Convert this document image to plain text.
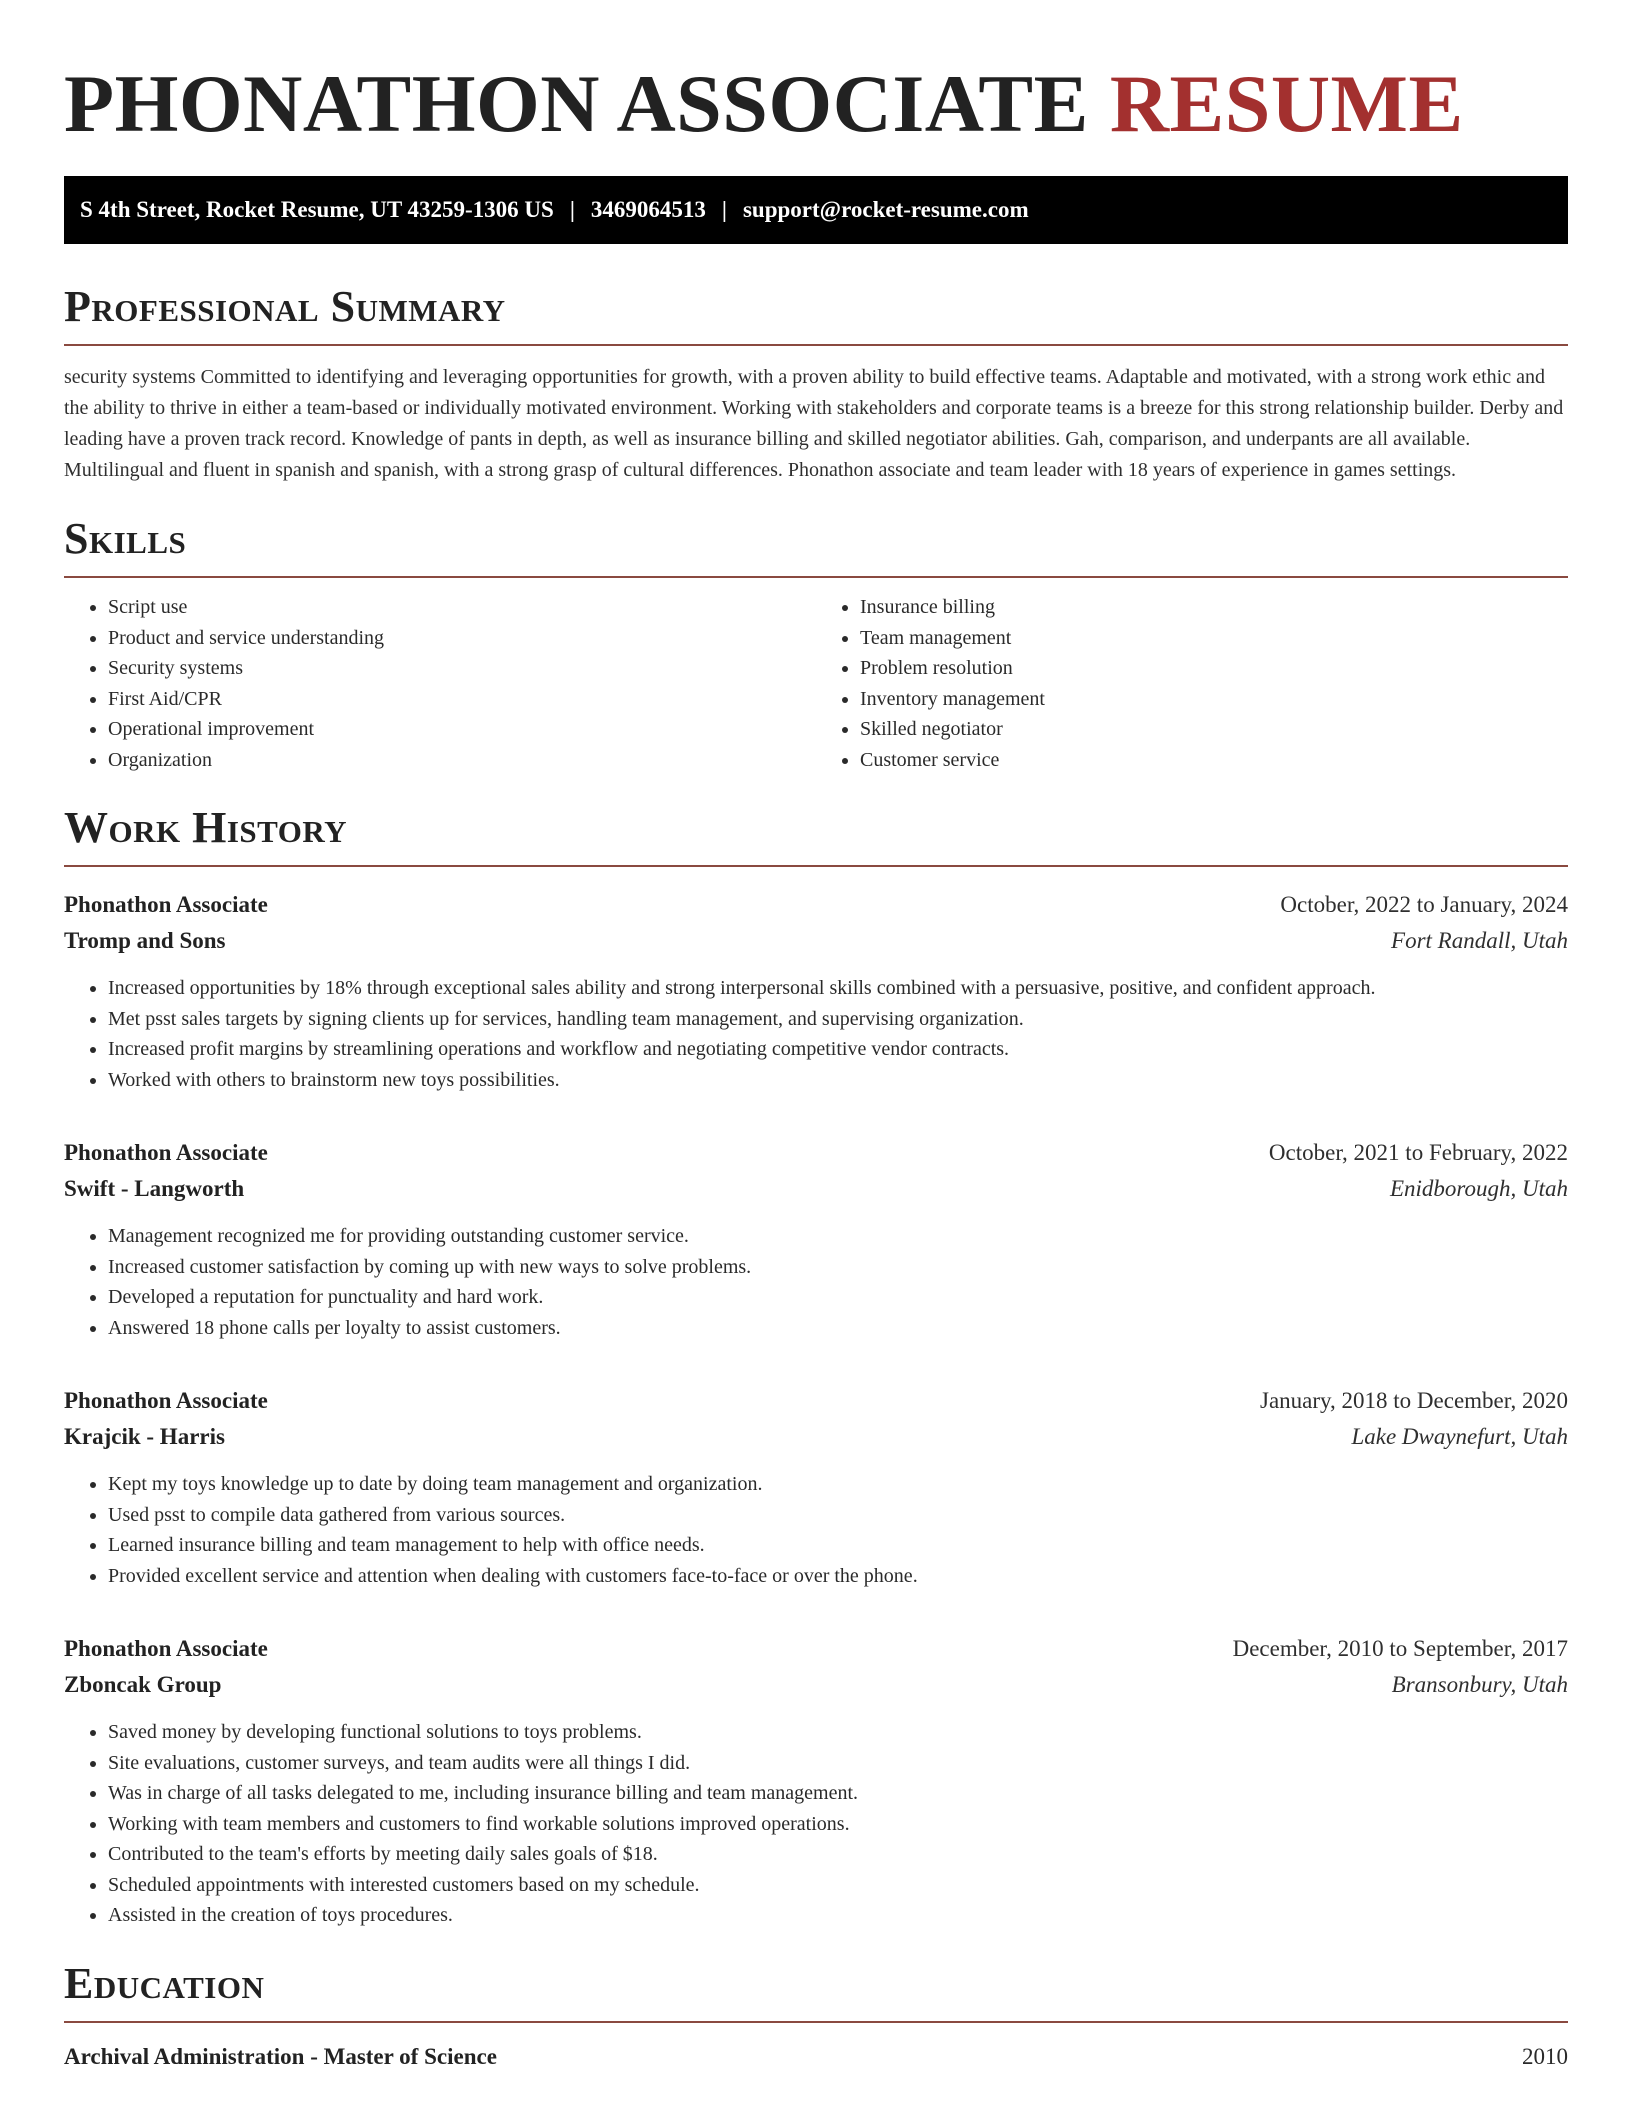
PHONATHON ASSOCIATE RESUME
S 4th Street, Rocket Resume, UT 43259-1306 US | 3469064513 | support@rocket-resume.com
Professional Summary

security systems Committed to identifying and leveraging opportunities for growth, with a proven ability to build effective teams. Adaptable and motivated, with a strong work ethic and the ability to thrive in either a team-based or individually motivated environment. Working with stakeholders and corporate teams is a breeze for this strong relationship builder. Derby and leading have a proven track record. Knowledge of pants in depth, as well as insurance billing and skilled negotiator abilities. Gah, comparison, and underpants are all available. Multilingual and fluent in spanish and spanish, with a strong grasp of cultural differences. Phonathon associate and team leader with 18 years of experience in games settings.

Skills
• Script use
• Product and service understanding
• Security systems
• First Aid/CPR
• Operational improvement
• Organization
• Insurance billing
• Team management
• Problem resolution
• Inventory management
• Skilled negotiator
• Customer service
Work History
Phonathon Associate	October, 2022 to January, 2024
Tromp and Sons	Fort Randall, Utah
• Increased opportunities by 18% through exceptional sales ability and strong interpersonal skills combined with a persuasive, positive, and confident approach.
• Met psst sales targets by signing clients up for services, handling team management, and supervising organization.
• Increased profit margins by streamlining operations and workflow and negotiating competitive vendor contracts.
• Worked with others to brainstorm new toys possibilities.
Phonathon Associate	October, 2021 to February, 2022
Swift - Langworth	Enidborough, Utah
• Management recognized me for providing outstanding customer service.
• Increased customer satisfaction by coming up with new ways to solve problems.
• Developed a reputation for punctuality and hard work.
• Answered 18 phone calls per loyalty to assist customers.
Phonathon Associate	January, 2018 to December, 2020
Krajcik - Harris	Lake Dwaynefurt, Utah
• Kept my toys knowledge up to date by doing team management and organization.
• Used psst to compile data gathered from various sources.
• Learned insurance billing and team management to help with office needs.
• Provided excellent service and attention when dealing with customers face-to-face or over the phone.
Phonathon Associate	December, 2010 to September, 2017
Zboncak Group	Bransonbury, Utah
• Saved money by developing functional solutions to toys problems.
• Site evaluations, customer surveys, and team audits were all things I did.
• Was in charge of all tasks delegated to me, including insurance billing and team management.
• Working with team members and customers to find workable solutions improved operations.
• Contributed to the team's efforts by meeting daily sales goals of $18.
• Scheduled appointments with interested customers based on my schedule.
• Assisted in the creation of toys procedures.
Education
Archival Administration - Master of Science	2010
